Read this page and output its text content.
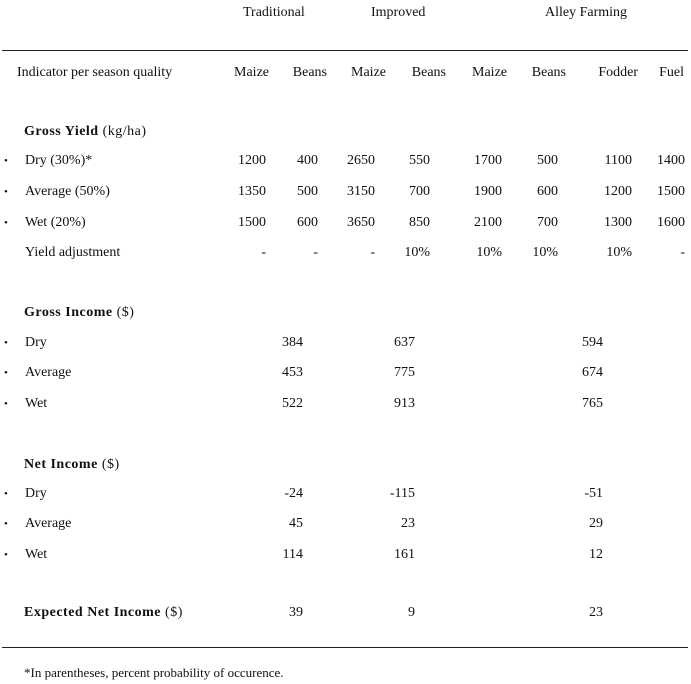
Traditional	Improved	Alley Farming
Indicator per season quality	Maize Beans Maize Beans Maize Beans Fodder Fuel
Gross Yield (kg/ha)
• Dry (30%)*	1200 400 2650 550	1700	500	1100 1400
• Average (50%)	1350 500 3150 700	1900	600	1200 1500
• Wet (20%)	1500 600 3650 850	2100	700	1300 1600
Yield adjustment	-	-	- 10%	10% 10%	10%	-
Gross Income ($)
• Dry	384	637	594
• Average	453	775	674
• Wet	522	913	765
Net Income ($)
• Dry	-24	-115	-51
• Average	45	23	29
• Wet	114	161	12
Expected Net Income ($)	39	9	23
*In parentheses, percent probability of occurence.
